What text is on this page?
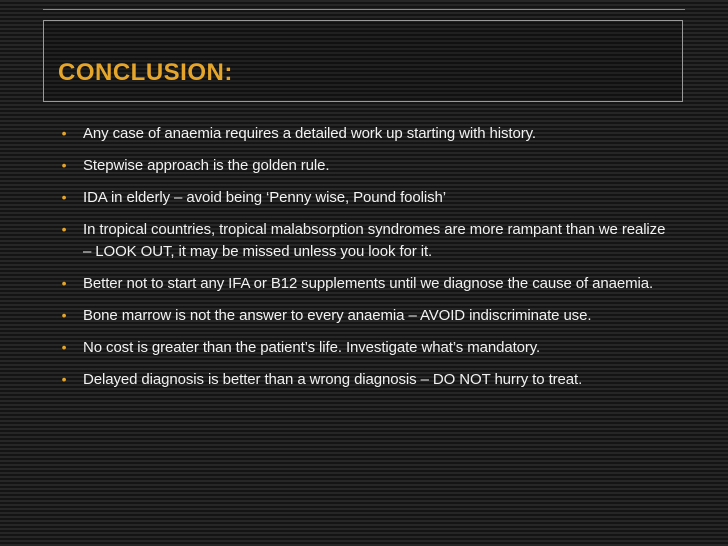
CONCLUSION:
•	Any case of anaemia requires a detailed work up starting with history.
•	Stepwise approach is the golden rule.
•	IDA in elderly – avoid being ‘Penny wise, Pound foolish’
•	In tropical countries, tropical malabsorption syndromes are more rampant than we realize – LOOK OUT, it may be missed unless you look for it.
•	Better not to start any IFA or B12 supplements until we diagnose the cause of anaemia.
•	Bone marrow is not the answer to every anaemia – AVOID indiscriminate use.
•	No cost is greater than the patient’s life. Investigate what’s mandatory.
•	Delayed diagnosis is better than a wrong diagnosis – DO NOT hurry to treat.
